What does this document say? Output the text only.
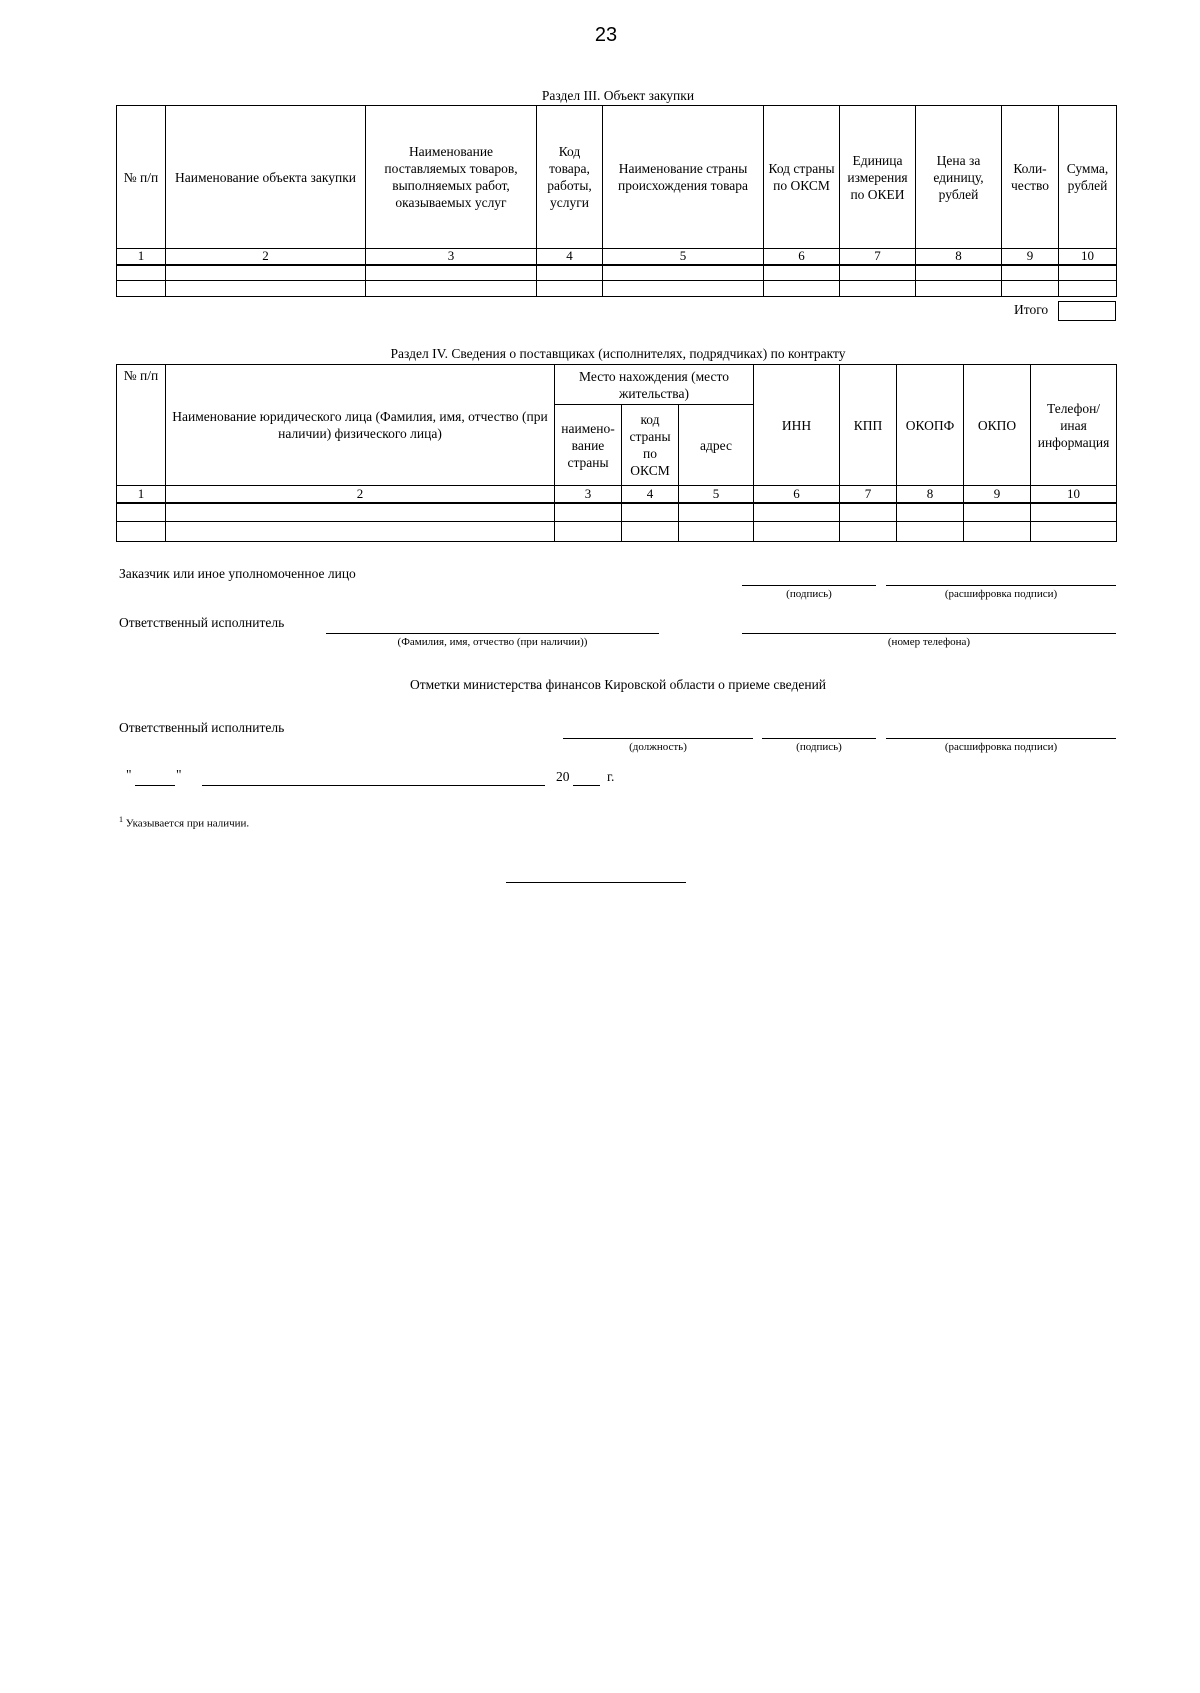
23
Раздел III. Объект закупки
№ п/п	Наименование объекта закупки	Наименование поставляемых товаров, выполняемых работ, оказываемых услуг	Код товара, работы, услуги	Наименование страны происхождения товара	Код страны по ОКСМ	Единица измерения по ОКЕИ	Цена за единицу, рублей	Коли-чество	Сумма, рублей
1	2	3	4	5	6	7	8	9	10

Итого
Раздел IV. Сведения о поставщиках (исполнителях, подрядчиках) по контракту
№ п/п	Наименование юридического лица (Фамилия, имя, отчество (при наличии) физического лица)	Место нахождения (место жительства)			ИНН	КПП	ОКОПФ	ОКПО	Телефон/ иная информация
		наимено-вание страны	код страны по ОКСМ	адрес					
1	2	3	4	5	6	7	8	9	10

Заказчик или иное уполномоченное лицо
(подпись)	(расшифровка подписи)
Ответственный исполнитель
(Фамилия, имя, отчество (при наличии))	(номер телефона)
Отметки министерства финансов Кировской области о приеме сведений
Ответственный исполнитель
(должность)	(подпись)	(расшифровка подписи)
"	"	20	г.
$^1$ Указывается при наличии.
